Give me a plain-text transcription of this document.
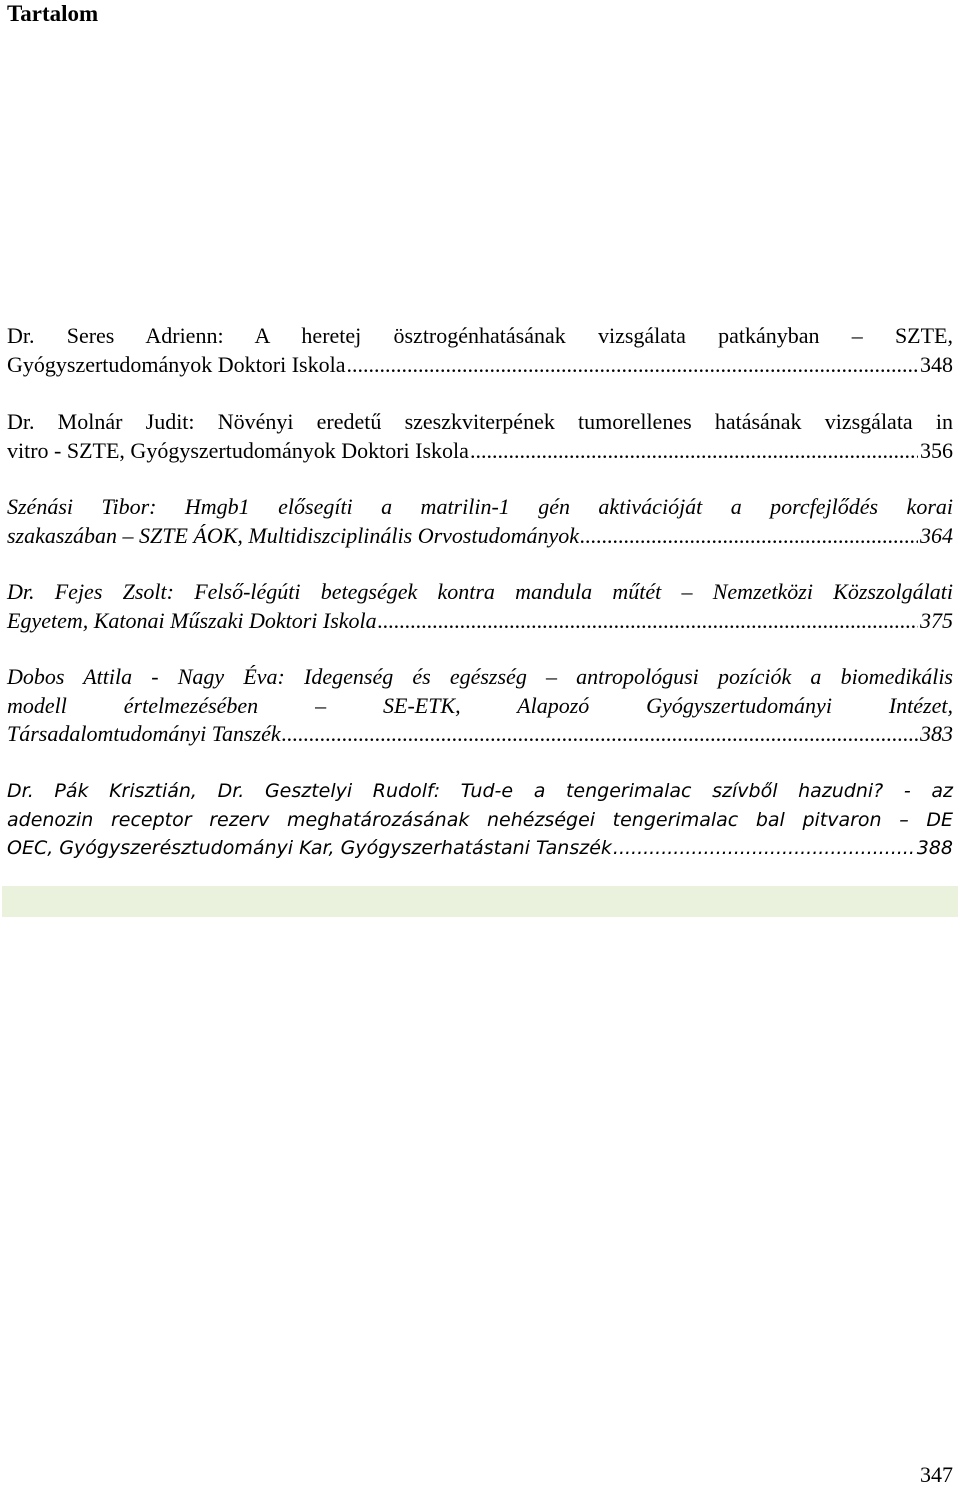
Tartalom
Dr. Seres Adrienn: A heretej ösztrogénhatásának vizsgálata patkányban – SZTE,
Gyógyszertudományok Doktori Iskola .....	348
Dr. Molnár Judit: Növényi eredetű szeszkviterpének tumorellenes hatásának vizsgálata in
vitro - SZTE, Gyógyszertudományok Doktori Iskola .....	356
Szénási Tibor: Hmgb1 elősegíti a matrilin-1 gén aktivációját a porcfejlődés korai
szakaszában – SZTE ÁOK, Multidiszciplinális Orvostudományok .....	364
Dr. Fejes Zsolt: Felső-légúti betegségek kontra mandula műtét – Nemzetközi Közszolgálati
Egyetem, Katonai Műszaki Doktori Iskola .....	375
Dobos Attila - Nagy Éva: Idegenség és egészség – antropológusi pozíciók a biomedikális
modell értelmezésében – SE-ETK, Alapozó Gyógyszertudományi Intézet,
Társadalomtudományi Tanszék .....	383
Dr. Pák Krisztián, Dr. Gesztelyi Rudolf: Tud-e a tengerimalac szívből hazudni? - az
adenozin receptor rezerv meghatározásának nehézségei tengerimalac bal pitvaron – DE
OEC, Gyógyszerésztudományi Kar, Gyógyszerhatástani Tanszék .....	388
347
